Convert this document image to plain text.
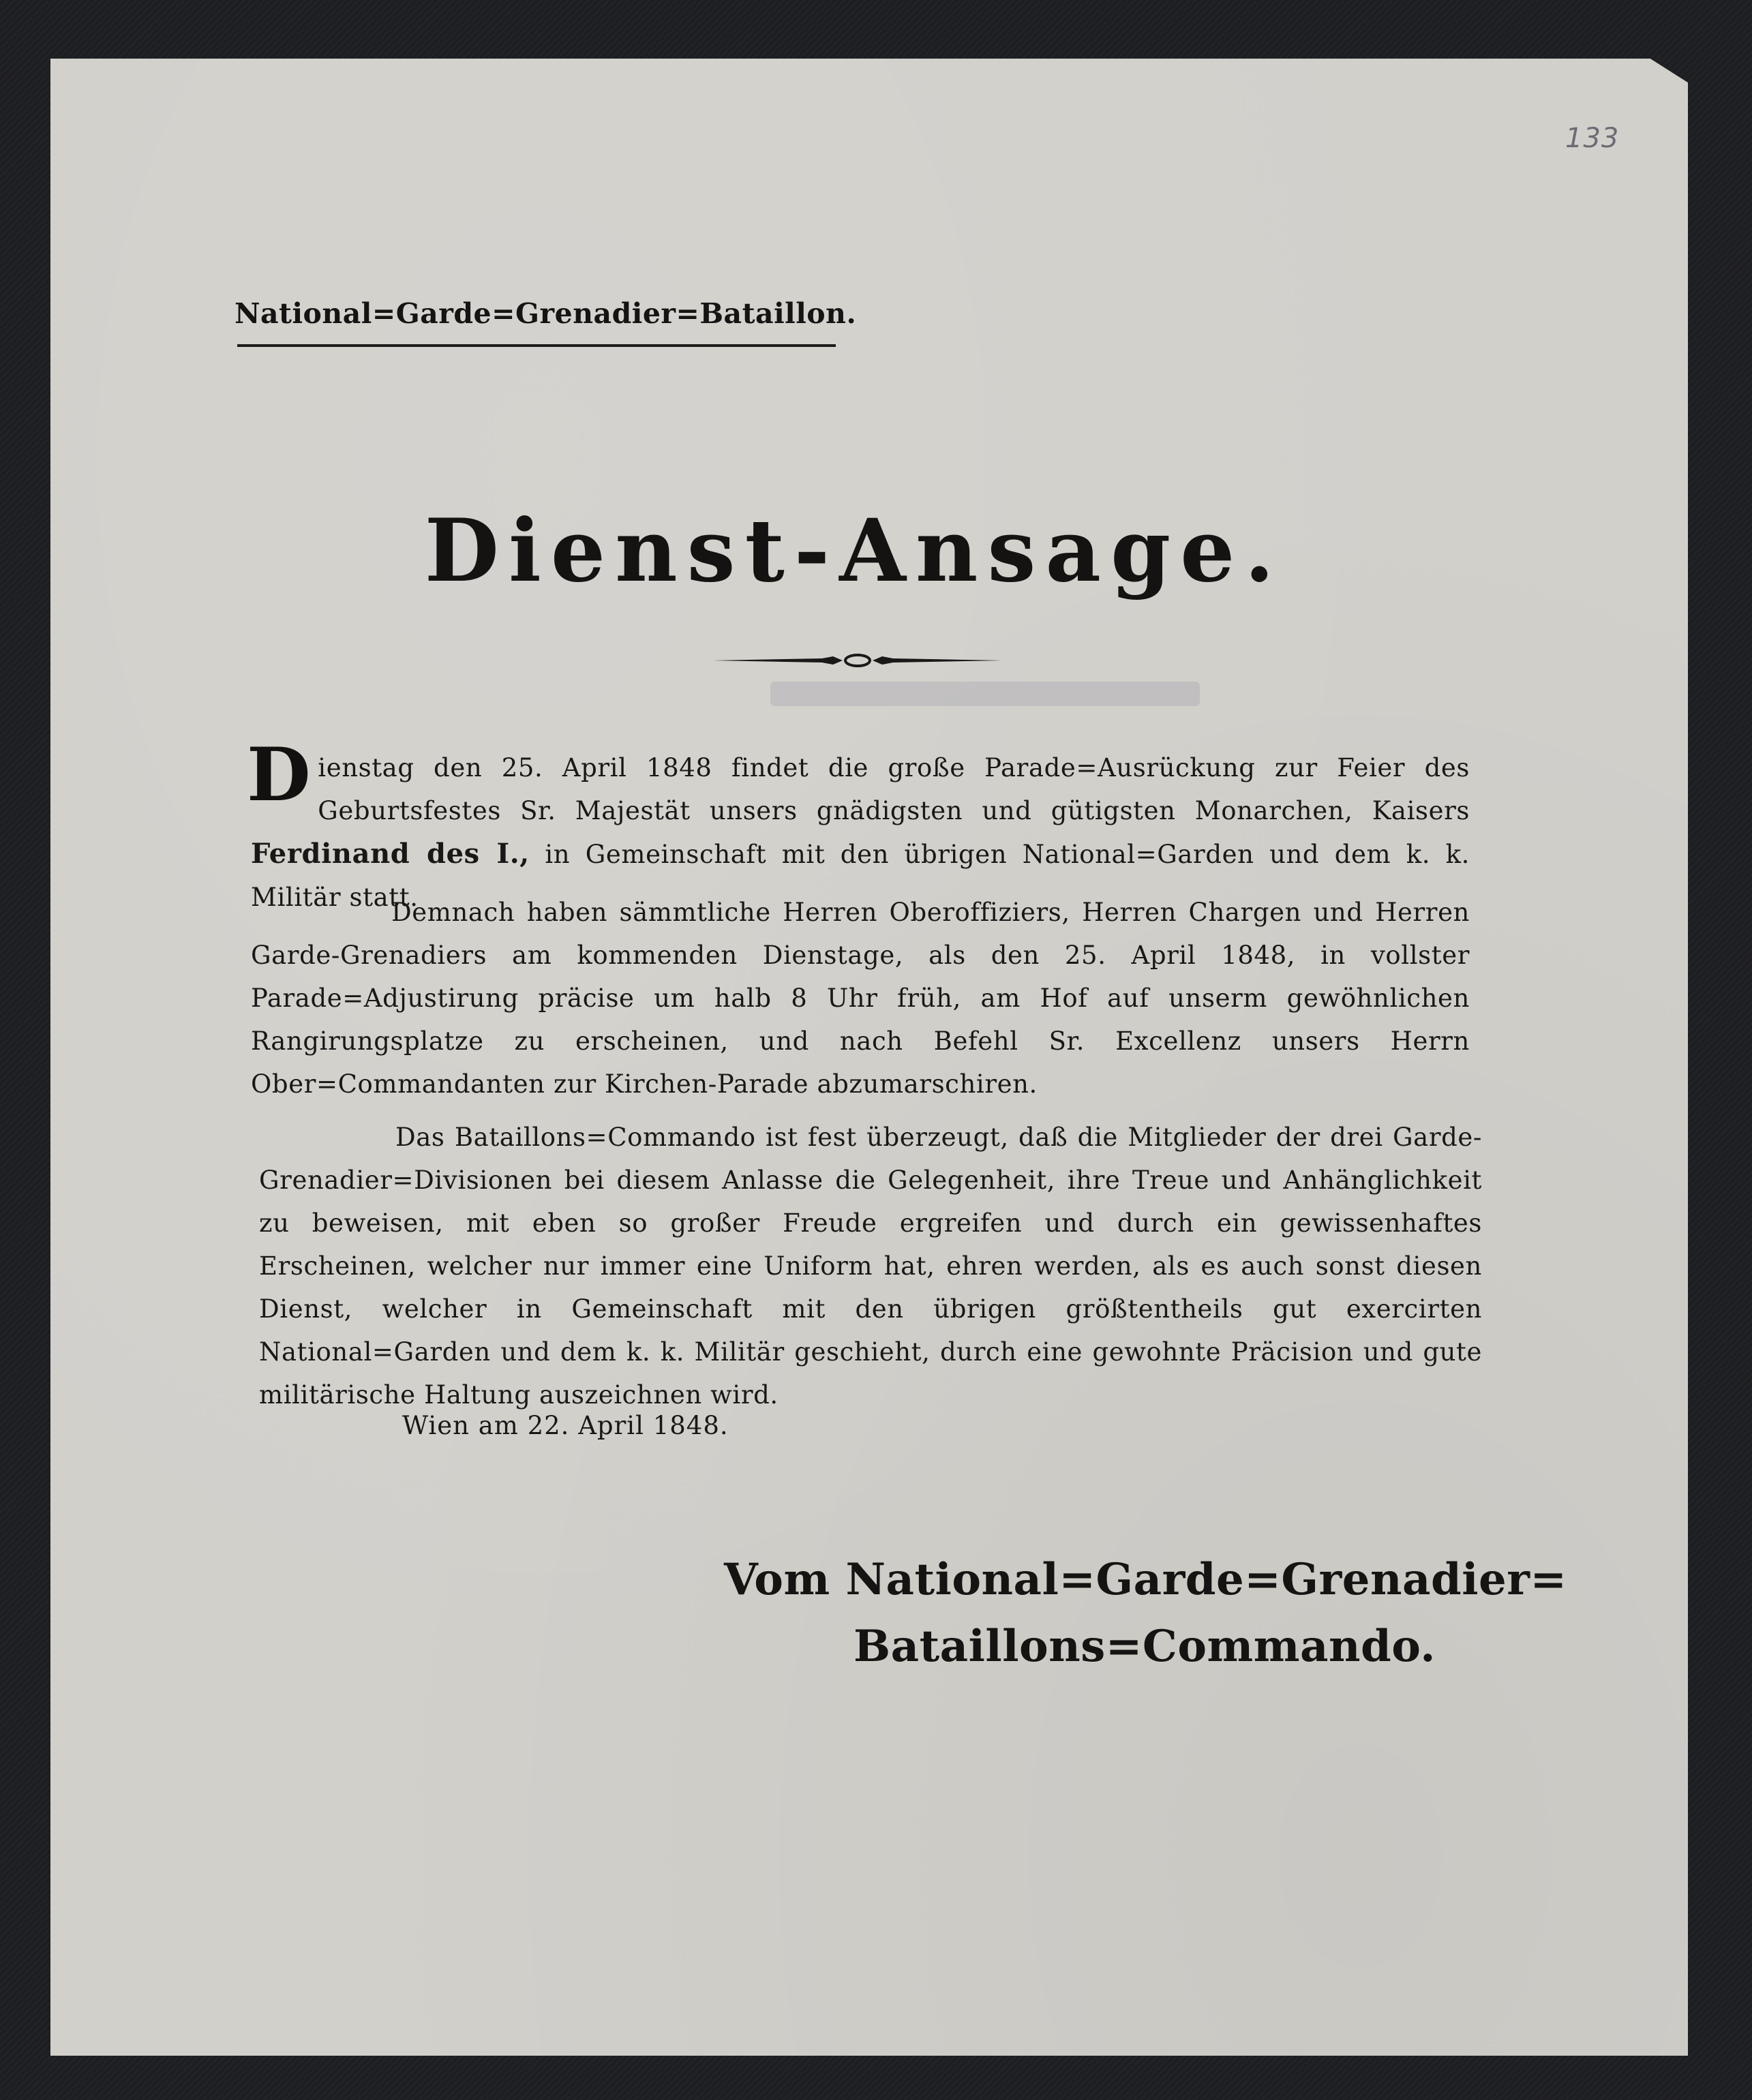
133
National=Garde=Grenadier=Bataillon.
Dienst-Ansage.

Dienstag den 25. April 1848 findet die große Parade=Ausrückung zur Feier des Geburtsfestes Sr. Majestät unsers gnädigsten und gütigsten Monarchen, Kaisers Ferdinand des I., in Gemeinschaft mit den übrigen National=Garden und dem k. k. Militär statt.

Demnach haben sämmtliche Herren Oberoffiziers, Herren Chargen und Herren Garde-Grenadiers am kommenden Dienstage, als den 25. April 1848, in vollster Parade=Adjustirung präcise um halb 8 Uhr früh, am Hof auf unserm gewöhnlichen Rangirungsplatze zu erscheinen, und nach Befehl Sr. Excellenz unsers Herrn Ober=Commandanten zur Kirchen-Parade abzumarschiren.

Das Bataillons=Commando ist fest überzeugt, daß die Mitglieder der drei Garde-Grenadier=Divisionen bei diesem Anlasse die Gelegenheit, ihre Treue und Anhänglichkeit zu beweisen, mit eben so großer Freude ergreifen und durch ein gewissenhaftes Erscheinen, welcher nur immer eine Uniform hat, ehren werden, als es auch sonst diesen Dienst, welcher in Gemeinschaft mit den übrigen größtentheils gut exercirten National=Garden und dem k. k. Militär geschieht, durch eine gewohnte Präcision und gute militärische Haltung auszeichnen wird.

Wien am 22. April 1848.
Vom National=Garde=Grenadier=
Bataillons=Commando.
